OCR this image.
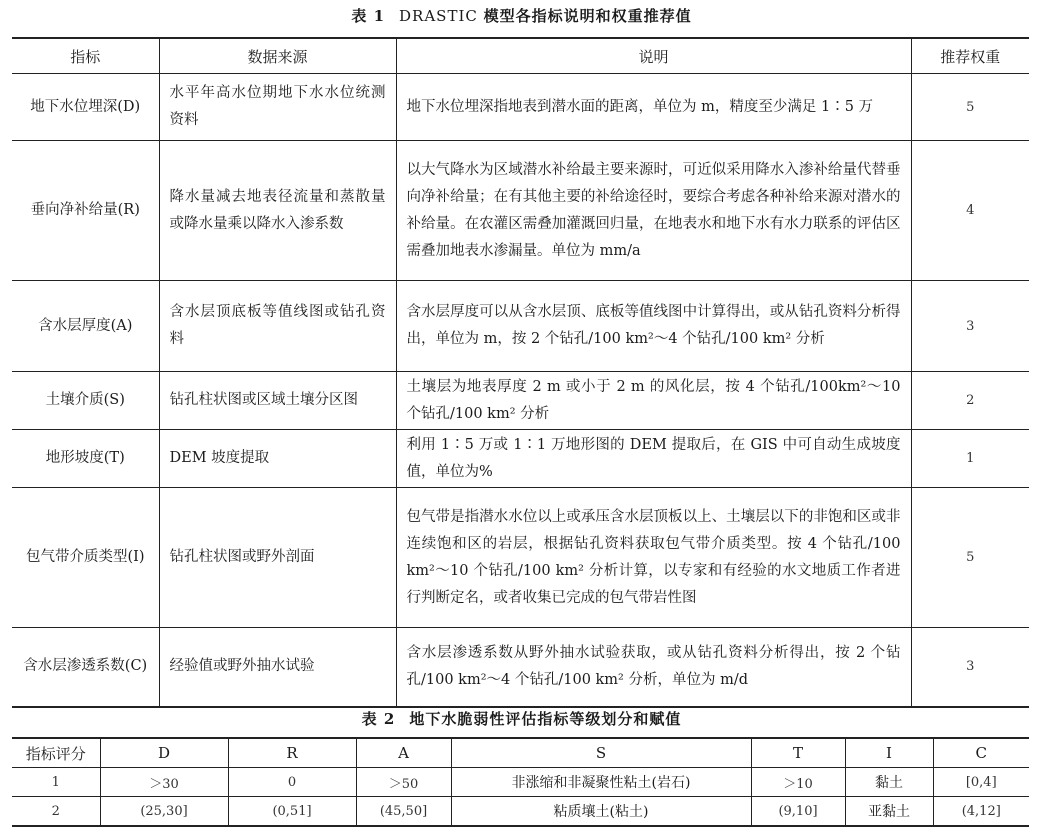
表 1 DRASTIC 模型各指标说明和权重推荐值
指标	数据来源	说明	推荐权重
地下水位埋深(D)	水平年高水位期地下水水位统测资料	地下水位埋深指地表到潜水面的距离，单位为 m，精度至少满足 1∶5 万	5
垂向净补给量(R)	降水量减去地表径流量和蒸散量或降水量乘以降水入渗系数	以大气降水为区域潜水补给最主要来源时，可近似采用降水入渗补给量代替垂向净补给量；在有其他主要的补给途径时，要综合考虑各种补给来源对潜水的补给量。在农灌区需叠加灌溉回归量，在地表水和地下水有水力联系的评估区需叠加地表水渗漏量。单位为 mm/a	4
含水层厚度(A)	含水层顶底板等值线图或钻孔资料	含水层厚度可以从含水层顶、底板等值线图中计算得出，或从钻孔资料分析得出，单位为 m，按 2 个钻孔/100 km²～4 个钻孔/100 km² 分析	3
土壤介质(S)	钻孔柱状图或区域土壤分区图	土壤层为地表厚度 2 m 或小于 2 m 的风化层，按 4 个钻孔/100km²～10 个钻孔/100 km² 分析	2
地形坡度(T)	DEM 坡度提取	利用 1∶5 万或 1∶1 万地形图的 DEM 提取后，在 GIS 中可自动生成坡度值，单位为%	1
包气带介质类型(I)	钻孔柱状图或野外剖面	包气带是指潜水水位以上或承压含水层顶板以上、土壤层以下的非饱和区或非连续饱和区的岩层，根据钻孔资料获取包气带介质类型。按 4 个钻孔/100 km²～10 个钻孔/100 km² 分析计算，以专家和有经验的水文地质工作者进行判断定名，或者收集已完成的包气带岩性图	5
含水层渗透系数(C)	经验值或野外抽水试验	含水层渗透系数从野外抽水试验获取，或从钻孔资料分析得出，按 2 个钻孔/100 km²～4 个钻孔/100 km² 分析，单位为 m/d	3
表 2 地下水脆弱性评估指标等级划分和赋值
指标评分	D	R	A	S	T	I	C
1	＞30	0	＞50	非涨缩和非凝聚性粘土(岩石)	＞10	黏土	[0,4]
2	(25,30]	(0,51]	(45,50]	粘质壤土(粘土)	(9,10]	亚黏土	(4,12]
